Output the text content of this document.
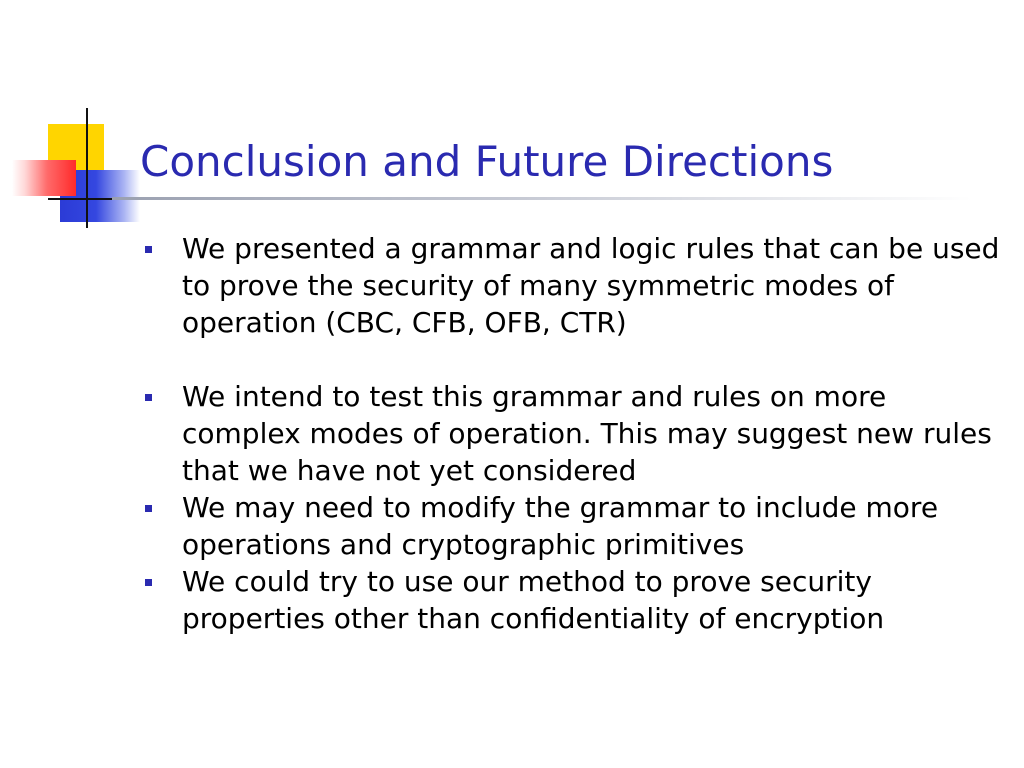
Conclusion and Future Directions
We presented a grammar and logic rules that can be used to prove the security of many symmetric modes of operation (CBC, CFB, OFB, CTR)
We intend to test this grammar and rules on more complex modes of operation. This may suggest new rules that we have not yet considered
We may need to modify the grammar to include more operations and cryptographic primitives
We could try to use our method to prove security properties other than confidentiality of encryption
